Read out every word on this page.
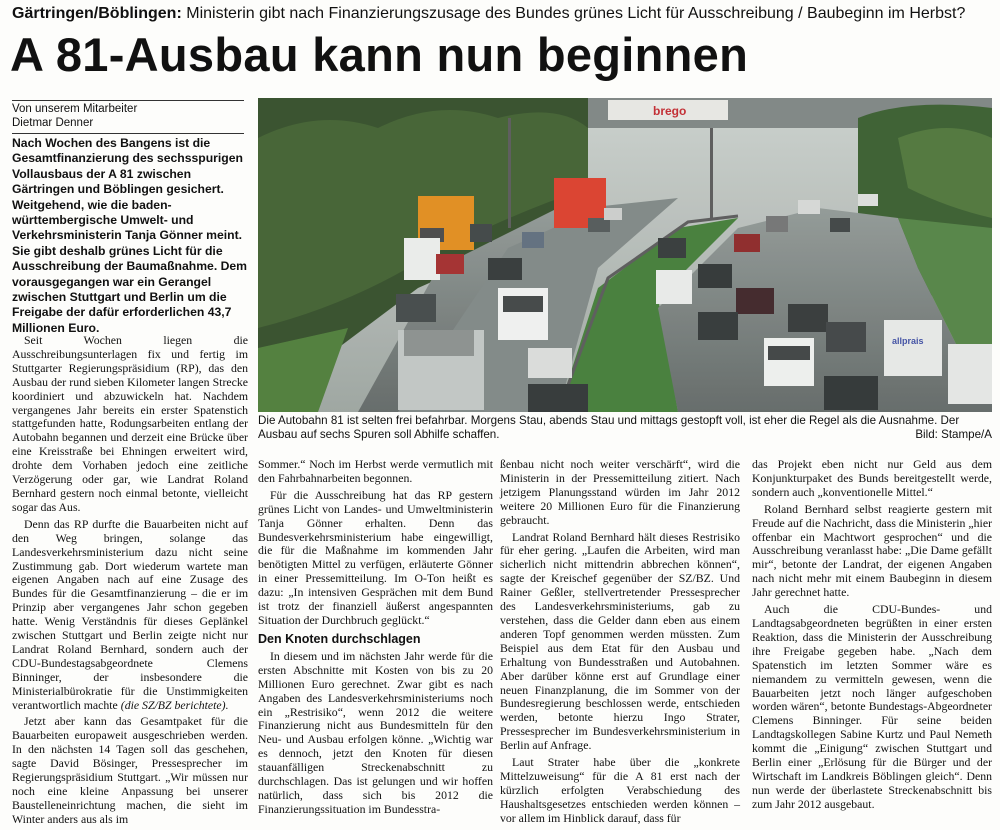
Gärtringen/Böblingen: Ministerin gibt nach Finanzierungszusage des Bundes grünes Licht für Ausschreibung / Baubeginn im Herbst?
A 81-Ausbau kann nun beginnen
Von unserem Mitarbeiter
Dietmar Denner

Nach Wochen des Bangens ist die Gesamtfinanzierung des sechsspurigen Vollausbaus der A 81 zwischen Gärtringen und Böblingen gesichert. Weitgehend, wie die baden-württembergische Umwelt- und Verkehrsministerin Tanja Gönner meint. Sie gibt deshalb grünes Licht für die Ausschreibung der Baumaßnahme. Dem vorausgegangen war ein Gerangel zwischen Stuttgart und Berlin um die Freigabe der dafür erforderlichen 43,7 Millionen Euro.

Seit Wochen liegen die Ausschreibungsunterlagen fix und fertig im Stuttgarter Regierungspräsidium (RP), das den Ausbau der rund sieben Kilometer langen Strecke koordiniert und abzuwickeln hat. Nachdem vergangenes Jahr bereits ein erster Spatenstich stattgefunden hatte, Rodungsarbeiten entlang der Autobahn begannen und derzeit eine Brücke über eine Kreisstraße bei Ehningen erweitert wird, drohte dem Vorhaben jedoch eine zeitliche Verzögerung oder gar, wie Landrat Roland Bernhard gestern noch einmal betonte, vielleicht sogar das Aus.

Denn das RP durfte die Bauarbeiten nicht auf den Weg bringen, solange das Landesverkehrsministerium dazu nicht seine Zustimmung gab. Dort wiederum wartete man eigenen Angaben nach auf eine Zusage des Bundes für die Gesamtfinanzierung – die er im Prinzip aber vergangenes Jahr schon gegeben hatte. Wenig Verständnis für dieses Geplänkel zwischen Stuttgart und Berlin zeigte nicht nur Landrat Roland Bernhard, sondern auch der CDU-Bundestagsabgeordnete Clemens Binninger, der insbesondere die Ministerialbürokratie für die Unstimmigkeiten verantwortlich machte (die SZ/BZ berichtete).

Jetzt aber kann das Gesamtpaket für die Bauarbeiten europaweit ausgeschrieben werden. In den nächsten 14 Tagen soll das geschehen, sagte David Bösinger, Pressesprecher im Regierungspräsidium Stuttgart. „Wir müssen nur noch eine kleine Anpassung bei unserer Baustelleneinrichtung machen, die sieht im Winter anders aus als im

brego
allprais
Die Autobahn 81 ist selten frei befahrbar. Morgens Stau, abends Stau und mittags gestopft voll, ist eher die Regel als die Ausnahme. Der Ausbau auf sechs Spuren soll Abhilfe schaffen.	Bild: Stampe/A

Sommer.“ Noch im Herbst werde vermutlich mit den Fahrbahnarbeiten begonnen.

Für die Ausschreibung hat das RP gestern grünes Licht von Landes- und Umweltministerin Tanja Gönner erhalten. Denn das Bundesverkehrsministerium habe eingewilligt, die für die Maßnahme im kommenden Jahr benötigten Mittel zu verfügen, erläuterte Gönner in einer Pressemitteilung. Im O-Ton heißt es dazu: „In intensiven Gesprächen mit dem Bund ist trotz der finanziell äußerst angespannten Situation der Durchbruch geglückt.“

Den Knoten durchschlagen

In diesem und im nächsten Jahr werde für die ersten Abschnitte mit Kosten von bis zu 20 Millionen Euro gerechnet. Zwar gibt es nach Angaben des Landesverkehrsministeriums noch ein „Restrisiko“, wenn 2012 die weitere Finanzierung nicht aus Bundesmitteln für den Neu- und Ausbau erfolgen könne. „Wichtig war es dennoch, jetzt den Knoten für diesen stauanfälligen Streckenabschnitt zu durchschlagen. Das ist gelungen und wir hoffen natürlich, dass sich bis 2012 die Finanzierungssituation im Bundesstra-

ßenbau nicht noch weiter verschärft“, wird die Ministerin in der Pressemitteilung zitiert. Nach jetzigem Planungsstand würden im Jahr 2012 weitere 20 Millionen Euro für die Finanzierung gebraucht.

Landrat Roland Bernhard hält dieses Restrisiko für eher gering. „Laufen die Arbeiten, wird man sicherlich nicht mittendrin abbrechen können“, sagte der Kreischef gegenüber der SZ/BZ. Und Rainer Geßler, stellvertretender Pressesprecher des Landesverkehrsministeriums, gab zu verstehen, dass die Gelder dann eben aus einem anderen Topf genommen werden müssten. Zum Beispiel aus dem Etat für den Ausbau und Erhaltung von Bundesstraßen und Autobahnen. Aber darüber könne erst auf Grundlage einer neuen Finanzplanung, die im Sommer von der Bundesregierung beschlossen werde, entschieden werden, betonte hierzu Ingo Strater, Pressesprecher im Bundesverkehrsministerium in Berlin auf Anfrage.

Laut Strater habe über die „konkrete Mittelzuweisung“ für die A 81 erst nach der kürzlich erfolgten Verabschiedung des Haushaltsgesetzes entschieden werden können – vor allem im Hinblick darauf, dass für

das Projekt eben nicht nur Geld aus dem Konjunkturpaket des Bunds bereitgestellt werde, sondern auch „konventionelle Mittel.“

Roland Bernhard selbst reagierte gestern mit Freude auf die Nachricht, dass die Ministerin „hier offenbar ein Machtwort gesprochen“ und die Ausschreibung veranlasst habe: „Die Dame gefällt mir“, betonte der Landrat, der eigenen Angaben nach nicht mehr mit einem Baubeginn in diesem Jahr gerechnet hatte.

Auch die CDU-Bundes- und Landtagsabgeordneten begrüßten in einer ersten Reaktion, dass die Ministerin der Ausschreibung ihre Freigabe gegeben habe. „Nach dem Spatenstich im letzten Sommer wäre es niemandem zu vermitteln gewesen, wenn die Bauarbeiten jetzt noch länger aufgeschoben worden wären“, betonte Bundestags-Abgeordneter Clemens Binninger. Für seine beiden Landtagskollegen Sabine Kurtz und Paul Nemeth kommt die „Einigung“ zwischen Stuttgart und Berlin einer „Erlösung für die Bürger und der Wirtschaft im Landkreis Böblingen gleich“. Denn nun werde der überlastete Streckenabschnitt bis zum Jahr 2012 ausgebaut.
